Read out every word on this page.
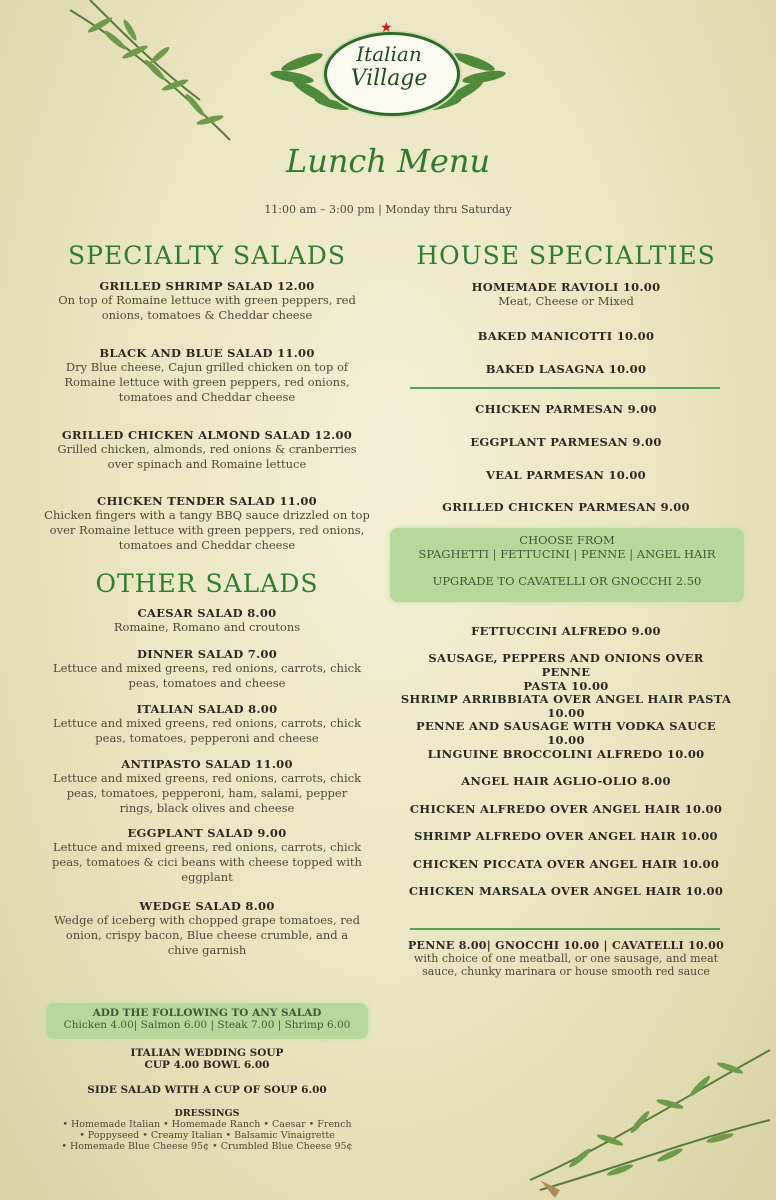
★
Italian
Village
Lunch Menu
11:00 am – 3:00 pm | Monday thru Saturday
SPECIALTY SALADS
GRILLED SHRIMP SALAD 12.00
On top of Romaine lettuce with green peppers, red
onions, tomatoes & Cheddar cheese
BLACK AND BLUE SALAD 11.00
Dry Blue cheese, Cajun grilled chicken on top of
Romaine lettuce with green peppers, red onions,
tomatoes and Cheddar cheese
GRILLED CHICKEN ALMOND SALAD 12.00
Grilled chicken, almonds, red onions & cranberries
over spinach and Romaine lettuce
CHICKEN TENDER SALAD 11.00
Chicken fingers with a tangy BBQ sauce drizzled on top
over Romaine lettuce with green peppers, red onions,
tomatoes and Cheddar cheese
OTHER SALADS
CAESAR SALAD 8.00
Romaine, Romano and croutons
DINNER SALAD 7.00
Lettuce and mixed greens, red onions, carrots, chick
peas, tomatoes and cheese
ITALIAN SALAD 8.00
Lettuce and mixed greens, red onions, carrots, chick
peas, tomatoes, pepperoni and cheese
ANTIPASTO SALAD 11.00
Lettuce and mixed greens, red onions, carrots, chick
peas, tomatoes, pepperoni, ham, salami, pepper
rings, black olives and cheese
EGGPLANT SALAD 9.00
Lettuce and mixed greens, red onions, carrots, chick
peas, tomatoes & cici beans with cheese topped with
eggplant
WEDGE SALAD 8.00
Wedge of iceberg with chopped grape tomatoes, red
onion, crispy bacon, Blue cheese crumble, and a
chive garnish
ADD THE FOLLOWING TO ANY SALAD
Chicken 4.00| Salmon 6.00 | Steak 7.00 | Shrimp 6.00
ITALIAN WEDDING SOUP
CUP 4.00 BOWL 6.00
SIDE SALAD WITH A CUP OF SOUP 6.00
DRESSINGS
• Homemade Italian • Homemade Ranch • Caesar • French
• Poppyseed • Creamy Italian • Balsamic Vinaigrette
• Homemade Blue Cheese 95¢ • Crumbled Blue Cheese 95¢
HOUSE SPECIALTIES
HOMEMADE RAVIOLI 10.00
Meat, Cheese or Mixed
BAKED MANICOTTI 10.00
BAKED LASAGNA 10.00
CHICKEN PARMESAN 9.00
EGGPLANT PARMESAN 9.00
VEAL PARMESAN 10.00
GRILLED CHICKEN PARMESAN 9.00
CHOOSE FROM
SPAGHETTI | FETTUCINI | PENNE | ANGEL HAIR
UPGRADE TO CAVATELLI OR GNOCCHI 2.50
FETTUCCINI ALFREDO 9.00
SAUSAGE, PEPPERS AND ONIONS OVER PENNE
PASTA 10.00
SHRIMP ARRIBBIATA OVER ANGEL HAIR PASTA 10.00
PENNE AND SAUSAGE WITH VODKA SAUCE 10.00
LINGUINE BROCCOLINI ALFREDO 10.00
ANGEL HAIR AGLIO-OLIO 8.00
CHICKEN ALFREDO OVER ANGEL HAIR 10.00
SHRIMP ALFREDO OVER ANGEL HAIR 10.00
CHICKEN PICCATA OVER ANGEL HAIR 10.00
CHICKEN MARSALA OVER ANGEL HAIR 10.00
PENNE 8.00| GNOCCHI 10.00 | CAVATELLI 10.00
with choice of one meatball, or one sausage, and meat
sauce, chunky marinara or house smooth red sauce
